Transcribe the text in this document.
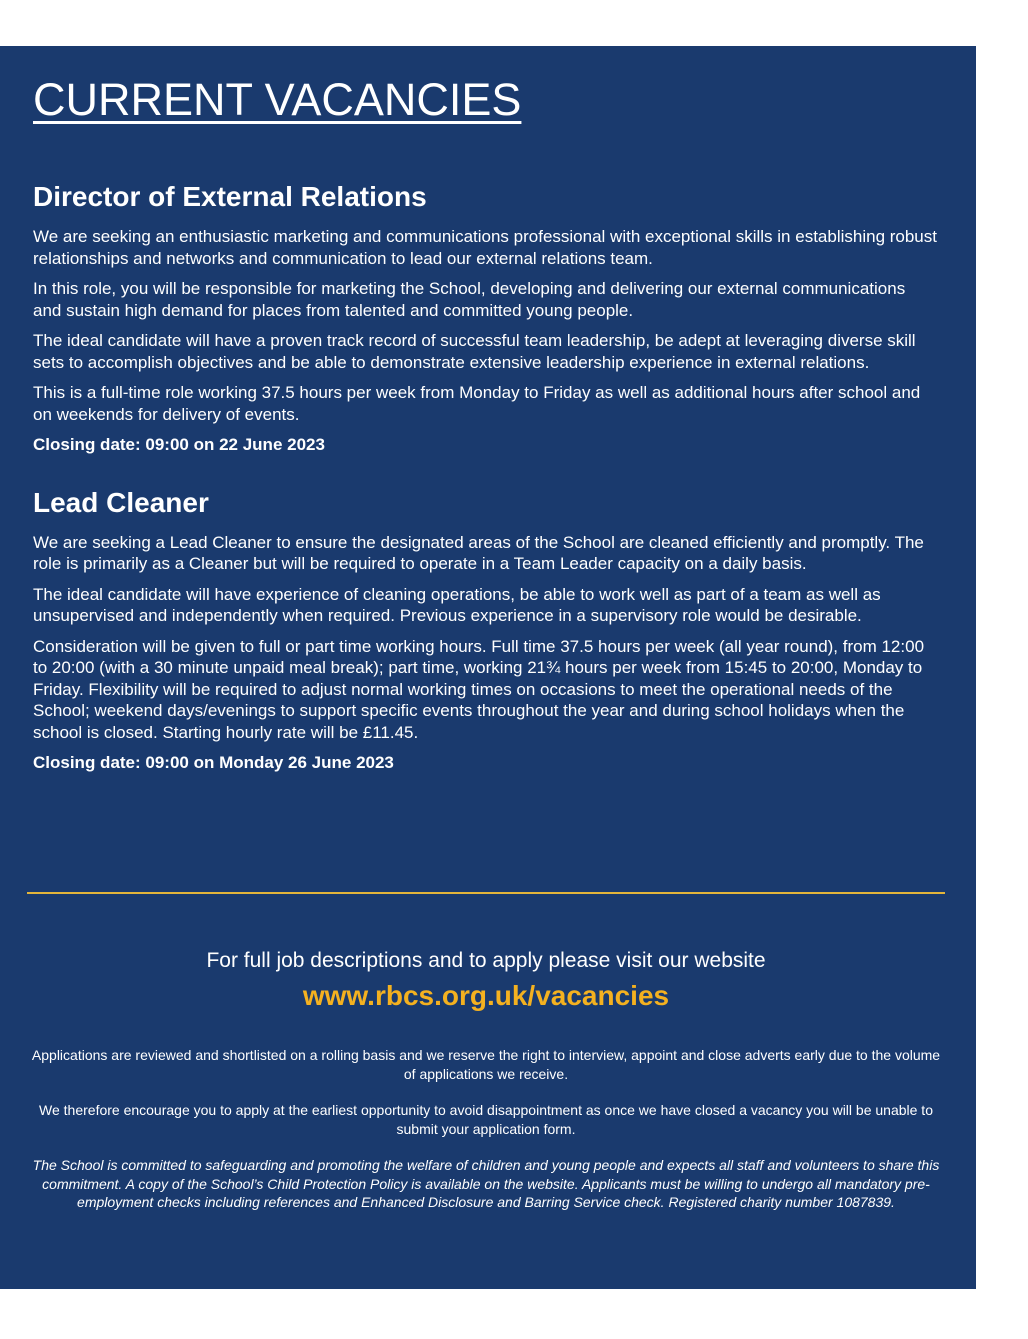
CURRENT VACANCIES
Director of External Relations

We are seeking an enthusiastic marketing and communications professional with exceptional skills in establishing robust relationships and networks and communication to lead our external relations team.

In this role, you will be responsible for marketing the School, developing and delivering our external communications and sustain high demand for places from talented and committed young people.

The ideal candidate will have a proven track record of successful team leadership, be adept at leveraging diverse skill sets to accomplish objectives and be able to demonstrate extensive leadership experience in external relations.

This is a full-time role working 37.5 hours per week from Monday to Friday as well as additional hours after school and on weekends for delivery of events.

Closing date: 09:00 on 22 June 2023

Lead Cleaner

We are seeking a Lead Cleaner to ensure the designated areas of the School are cleaned efficiently and promptly. The role is primarily as a Cleaner but will be required to operate in a Team Leader capacity on a daily basis.

The ideal candidate will have experience of cleaning operations, be able to work well as part of a team as well as unsupervised and independently when required. Previous experience in a supervisory role would be desirable.

Consideration will be given to full or part time working hours. Full time 37.5 hours per week (all year round), from 12:00 to 20:00 (with a 30 minute unpaid meal break); part time, working 21¾ hours per week from 15:45 to 20:00, Monday to Friday. Flexibility will be required to adjust normal working times on occasions to meet the operational needs of the School; weekend days/evenings to support specific events throughout the year and during school holidays when the school is closed. Starting hourly rate will be £11.45.

Closing date: 09:00 on Monday 26 June 2023

For full job descriptions and to apply please visit our website

www.rbcs.org.uk/vacancies

Applications are reviewed and shortlisted on a rolling basis and we reserve the right to interview, appoint and close adverts early due to the volume of applications we receive.

We therefore encourage you to apply at the earliest opportunity to avoid disappointment as once we have closed a vacancy you will be unable to submit your application form.

The School is committed to safeguarding and promoting the welfare of children and young people and expects all staff and volunteers to share this commitment. A copy of the School’s Child Protection Policy is available on the website. Applicants must be willing to undergo all mandatory pre-employment checks including references and Enhanced Disclosure and Barring Service check. Registered charity number 1087839.
